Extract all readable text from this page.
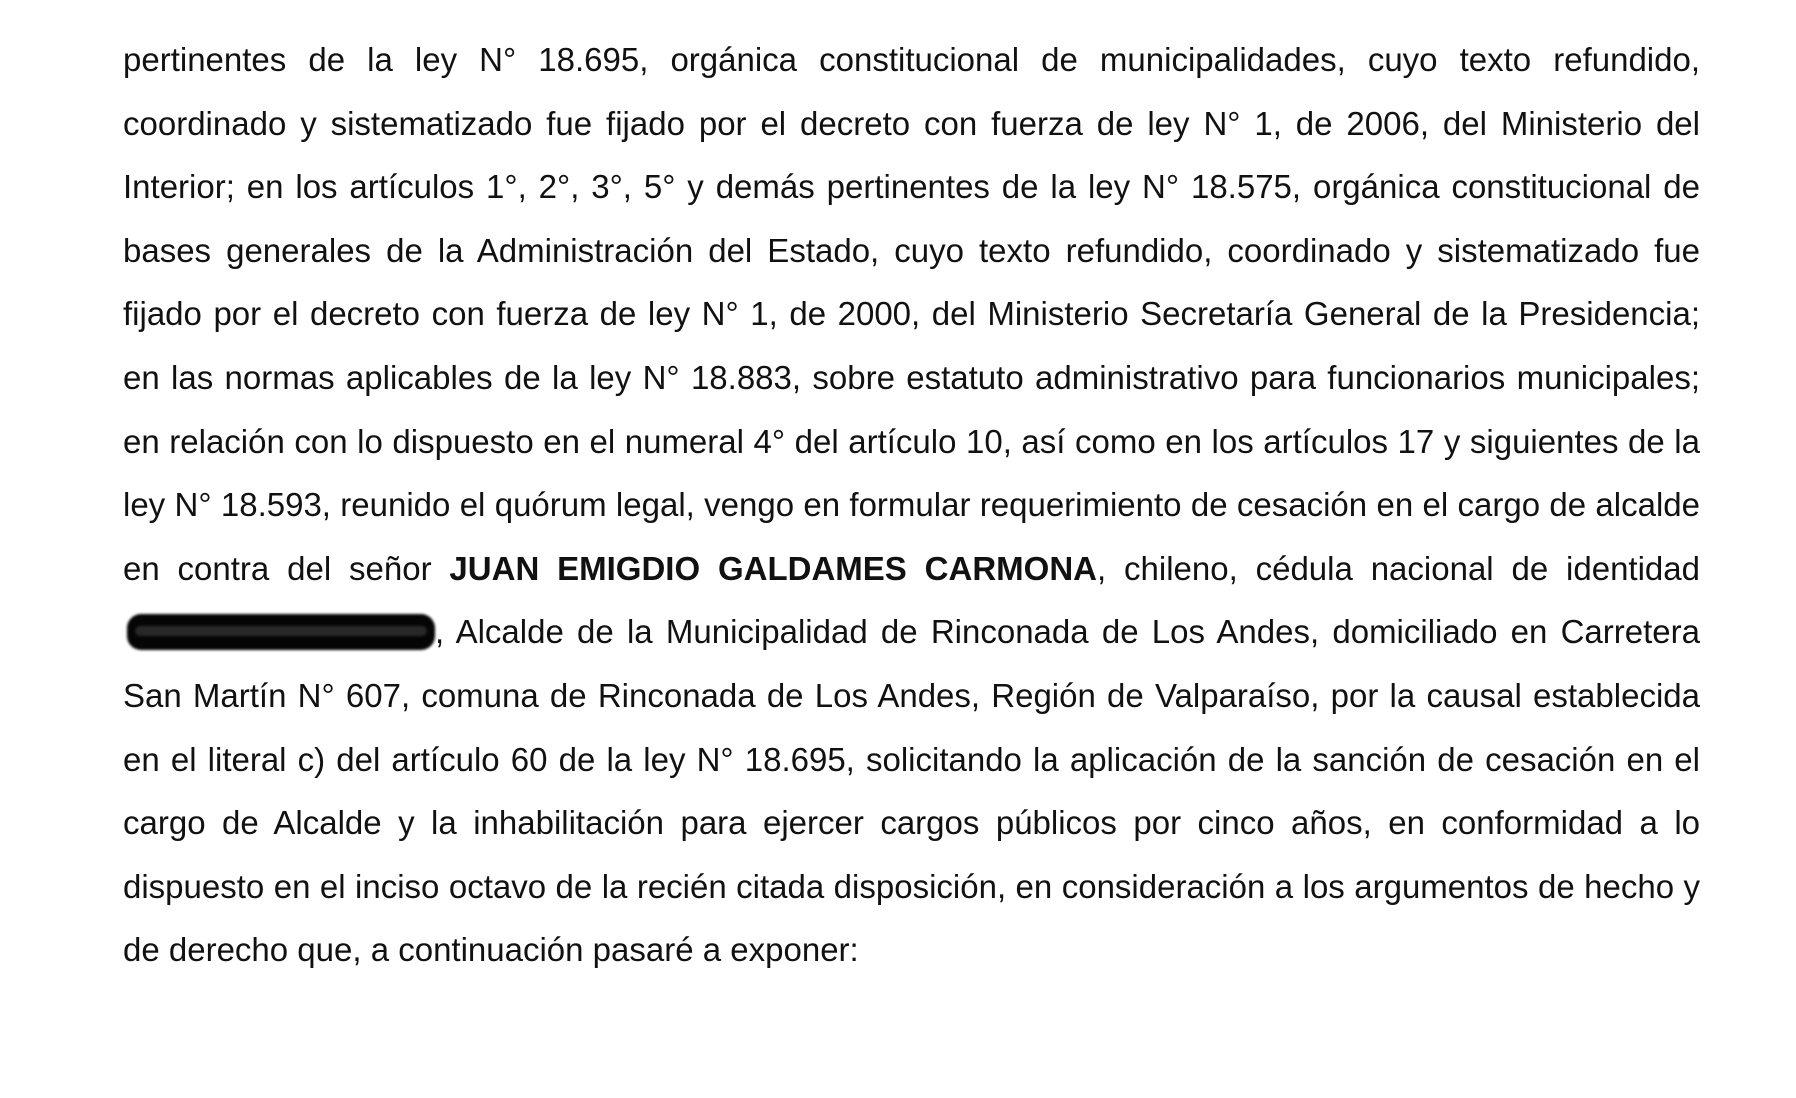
pertinentes de la ley N° 18.695, orgánica constitucional de municipalidades, cuyo texto refundido, coordinado y sistematizado fue fijado por el decreto con fuerza de ley N° 1, de 2006, del Ministerio del Interior; en los artículos 1°, 2°, 3°, 5° y demás pertinentes de la ley N° 18.575, orgánica constitucional de bases generales de la Administración del Estado, cuyo texto refundido, coordinado y sistematizado fue fijado por el decreto con fuerza de ley N° 1, de 2000, del Ministerio Secretaría General de la Presidencia; en las normas aplicables de la ley N° 18.883, sobre estatuto administrativo para funcionarios municipales; en relación con lo dispuesto en el numeral 4° del artículo 10, así como en los artículos 17 y siguientes de la ley N° 18.593, reunido el quórum legal, vengo en formular requerimiento de cesación en el cargo de alcalde en contra del señor JUAN EMIGDIO GALDAMES CARMONA, chileno, cédula nacional de identidad , Alcalde de la Municipalidad de Rinconada de Los Andes, domiciliado en Carretera San Martín N° 607, comuna de Rinconada de Los Andes, Región de Valparaíso, por la causal establecida en el literal c) del artículo 60 de la ley N° 18.695, solicitando la aplicación de la sanción de cesación en el cargo de Alcalde y la inhabilitación para ejercer cargos públicos por cinco años, en conformidad a lo dispuesto en el inciso octavo de la recién citada disposición, en consideración a los argumentos de hecho y de derecho que, a continuación pasaré a exponer:
